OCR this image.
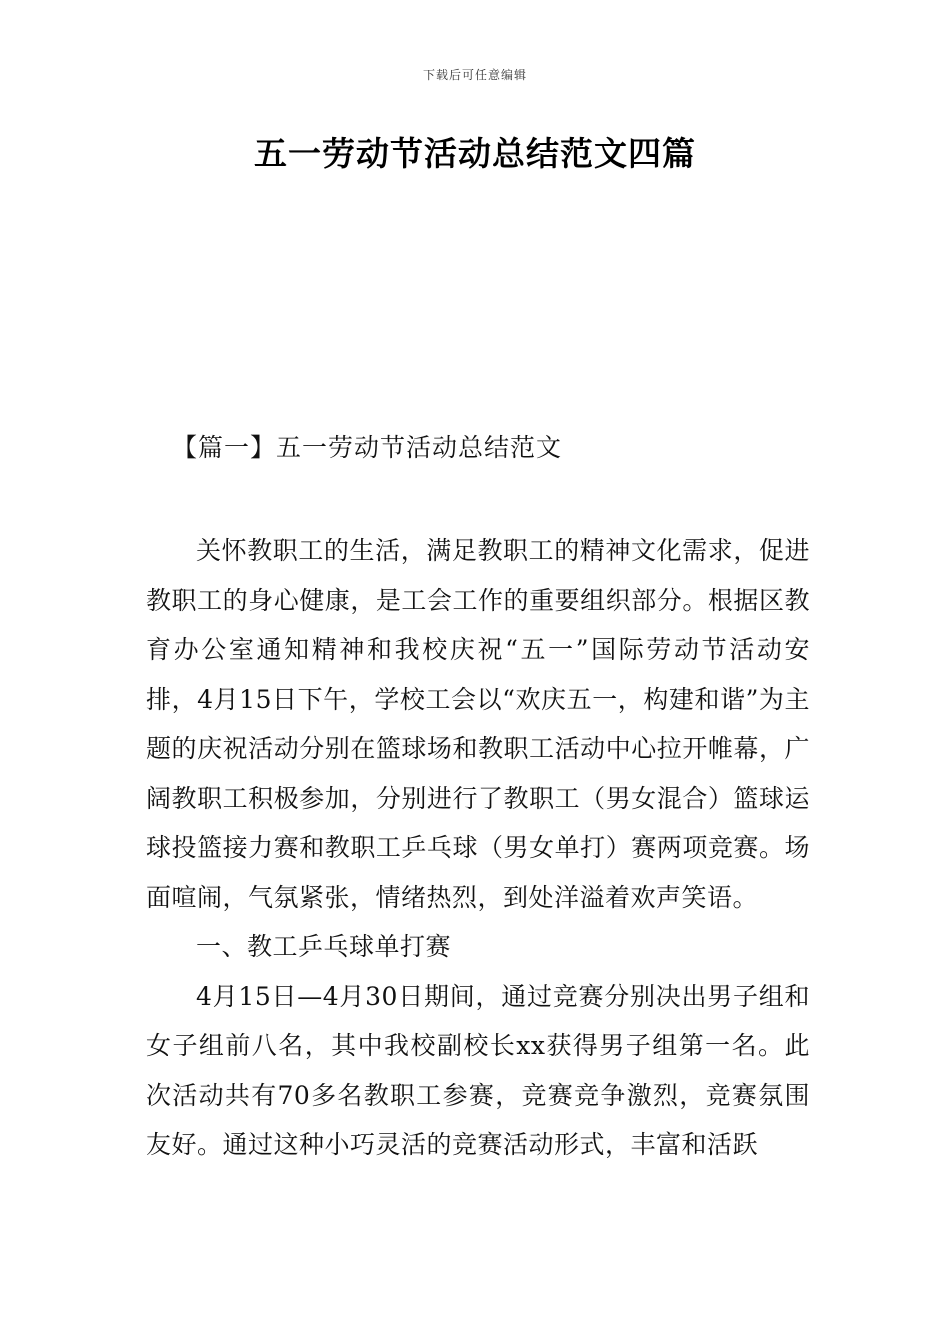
下载后可任意编辑
五一劳动节活动总结范文四篇
【篇一】五一劳动节活动总结范文

关怀教职工的生活，满足教职工的精神文化需求，促进教职工的身心健康，是工会工作的重要组织部分。根据区教育办公室通知精神和我校庆祝“五一”国际劳动节活动安排，4月15日下午，学校工会以“欢庆五一，构建和谐”为主题的庆祝活动分别在篮球场和教职工活动中心拉开帷幕，广阔教职工积极参加，分别进行了教职工（男女混合）篮球运球投篮接力赛和教职工乒乓球（男女单打）赛两项竞赛。场面喧闹，气氛紧张，情绪热烈，到处洋溢着欢声笑语。

一、教工乒乓球单打赛

4月15日—4月30日期间，通过竞赛分别决出男子组和女子组前八名，其中我校副校长xx获得男子组第一名。此次活动共有70多名教职工参赛，竞赛竞争激烈，竞赛氛围友好。通过这种小巧灵活的竞赛活动形式，丰富和活跃
